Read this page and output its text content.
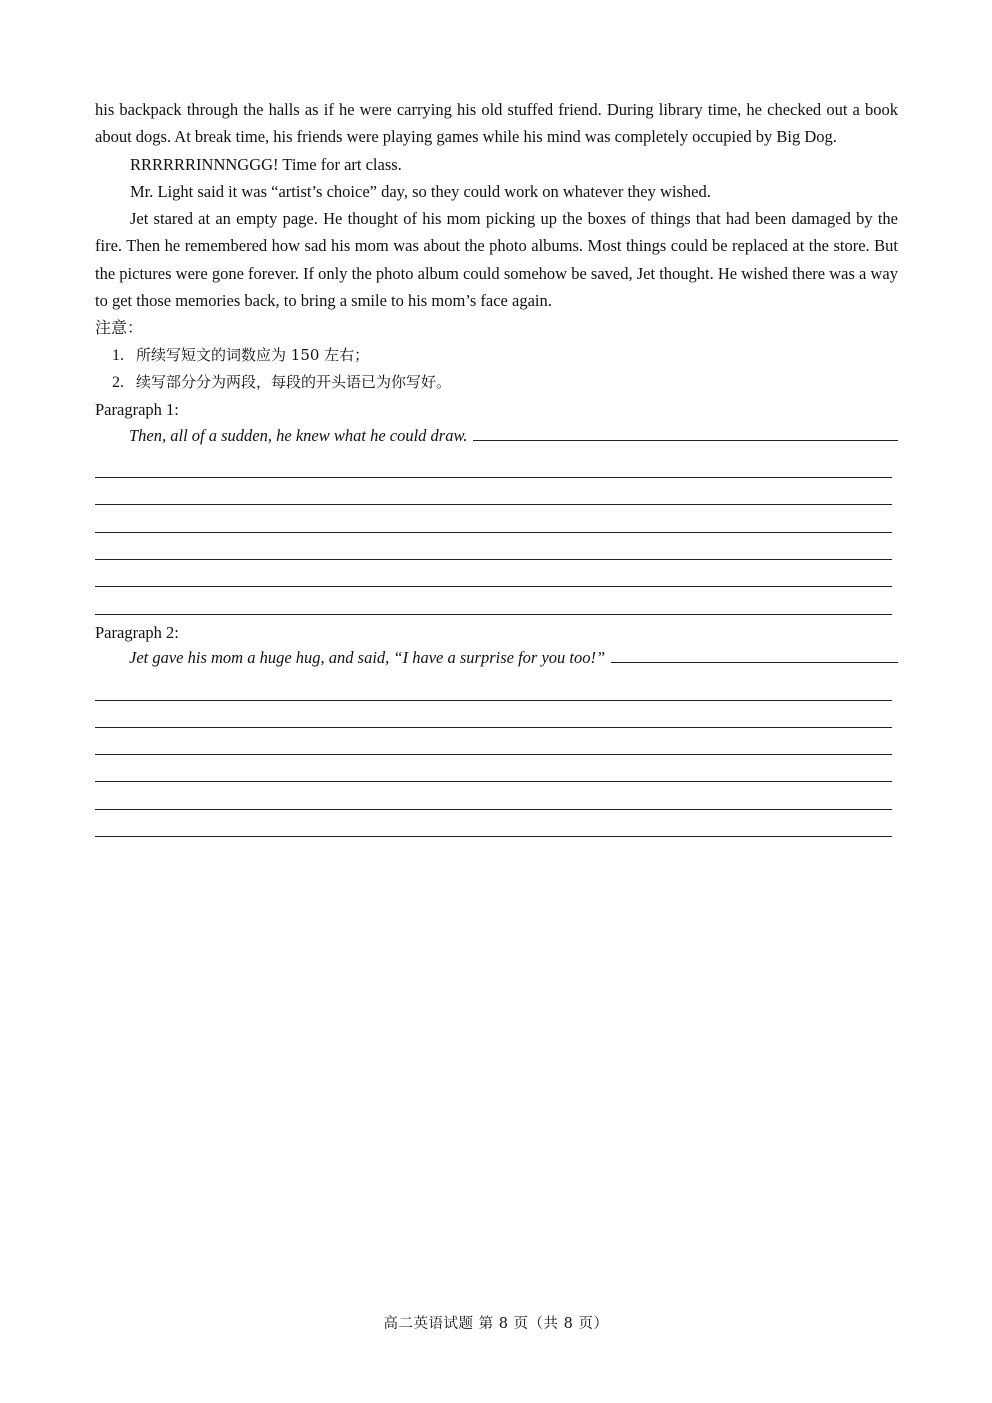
his backpack through the halls as if he were carrying his old stuffed friend. During library time, he checked out a book about dogs. At break time, his friends were playing games while his mind was completely occupied by Big Dog.

RRRRRRINNNGGG! Time for art class.

Mr. Light said it was “artist’s choice” day, so they could work on whatever they wished.

Jet stared at an empty page. He thought of his mom picking up the boxes of things that had been damaged by the fire. Then he remembered how sad his mom was about the photo albums. Most things could be replaced at the store. But the pictures were gone forever. If only the photo album could somehow be saved, Jet thought. He wished there was a way to get those memories back, to bring a smile to his mom’s face again.

注意：

1. 所续写短文的词数应为 150 左右；

2. 续写部分分为两段，每段的开头语已为你写好。

Paragraph 1:

Then, all of a sudden, he knew what he could draw.

Paragraph 2:

Jet gave his mom a huge hug, and said, “I have a surprise for you too!”
高二英语试题 第 8 页（共 8 页）
